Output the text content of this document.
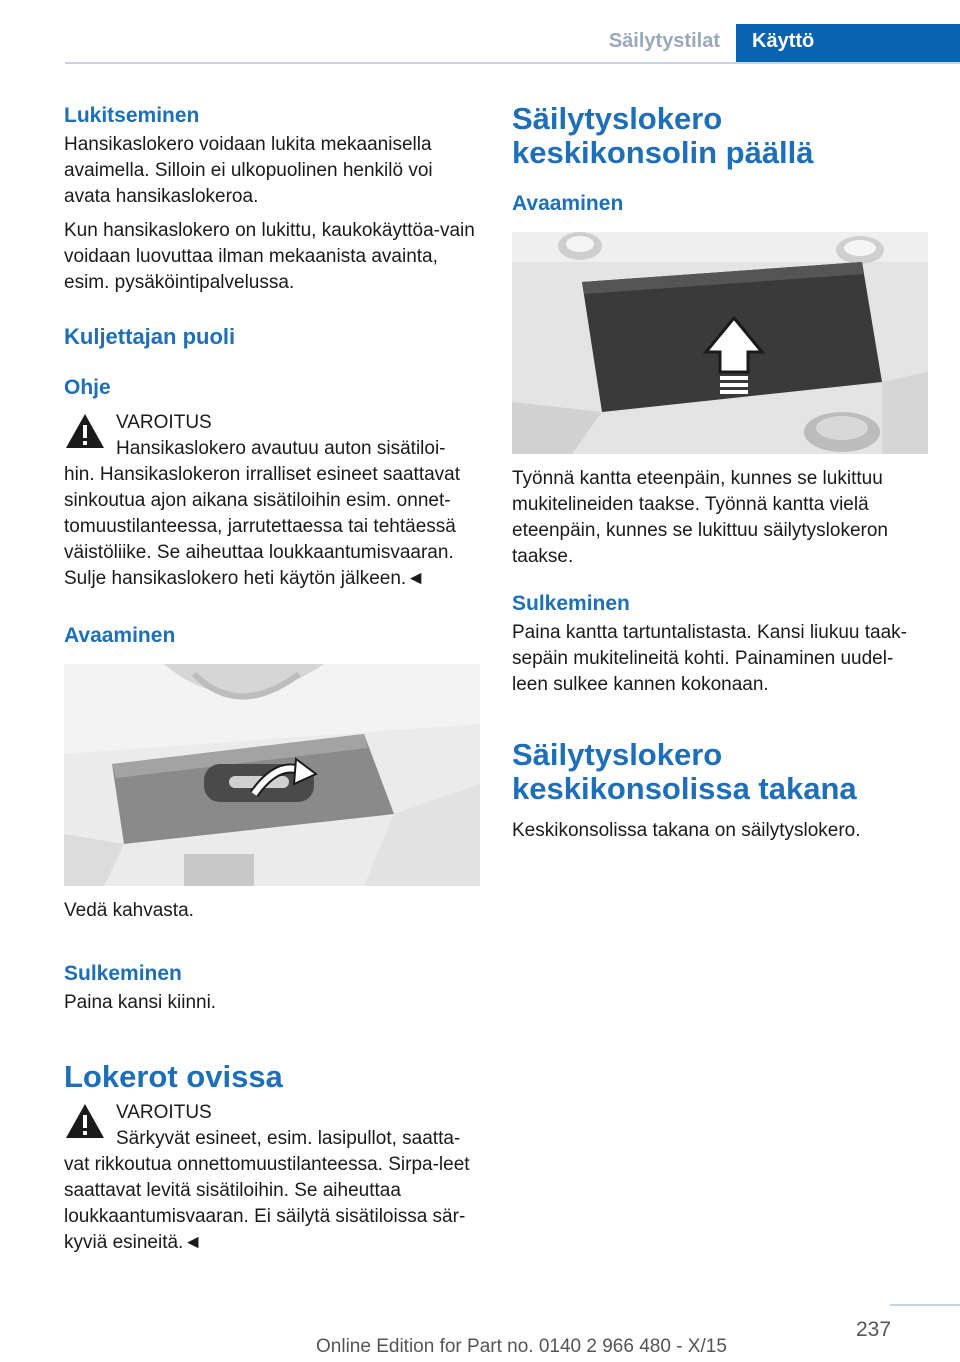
Säilytystilat	Käyttö
Lukitseminen

Hansikaslokero voidaan lukita mekaanisella avaimella. Silloin ei ulkopuolinen henkilö voi avata hansikaslokeroa.

Kun hansikaslokero on lukittu, kaukokäyttöa-vain voidaan luovuttaa ilman mekaanista avainta, esim. pysäköintipalvelussa.

Kuljettajan puoli
Ohje

VAROITUS

Hansikaslokero avautuu auton sisätiloi-

hin. Hansikaslokeron irralliset esineet saattavat sinkoutua ajon aikana sisätiloihin esim. onnet-tomuustilanteessa, jarrutettaessa tai tehtäessä väistöliike. Se aiheuttaa loukkaantumisvaaran. Sulje hansikaslokero heti käytön jälkeen.◄

Avaaminen

Vedä kahvasta.

Sulkeminen

Paina kansi kiinni.

Lokerot ovissa

VAROITUS

Särkyvät esineet, esim. lasipullot, saatta-

vat rikkoutua onnettomuustilanteessa. Sirpa-leet saattavat levitä sisätiloihin. Se aiheuttaa loukkaantumisvaaran. Ei säilytä sisätiloissa sär-kyviä esineitä.◄

Säilytyslokero keskikonsolin päällä
Avaaminen

Työnnä kantta eteenpäin, kunnes se lukittuu mukitelineiden taakse. Työnnä kantta vielä eteenpäin, kunnes se lukittuu säilytyslokeron taakse.

Sulkeminen

Paina kantta tartuntalistasta. Kansi liukuu taak-sepäin mukitelineitä kohti. Painaminen uudel-leen sulkee kannen kokonaan.

Säilytyslokero keskikonsolissa takana

Keskikonsolissa takana on säilytyslokero.

237
Online Edition for Part no. 0140 2 966 480 - X/15
